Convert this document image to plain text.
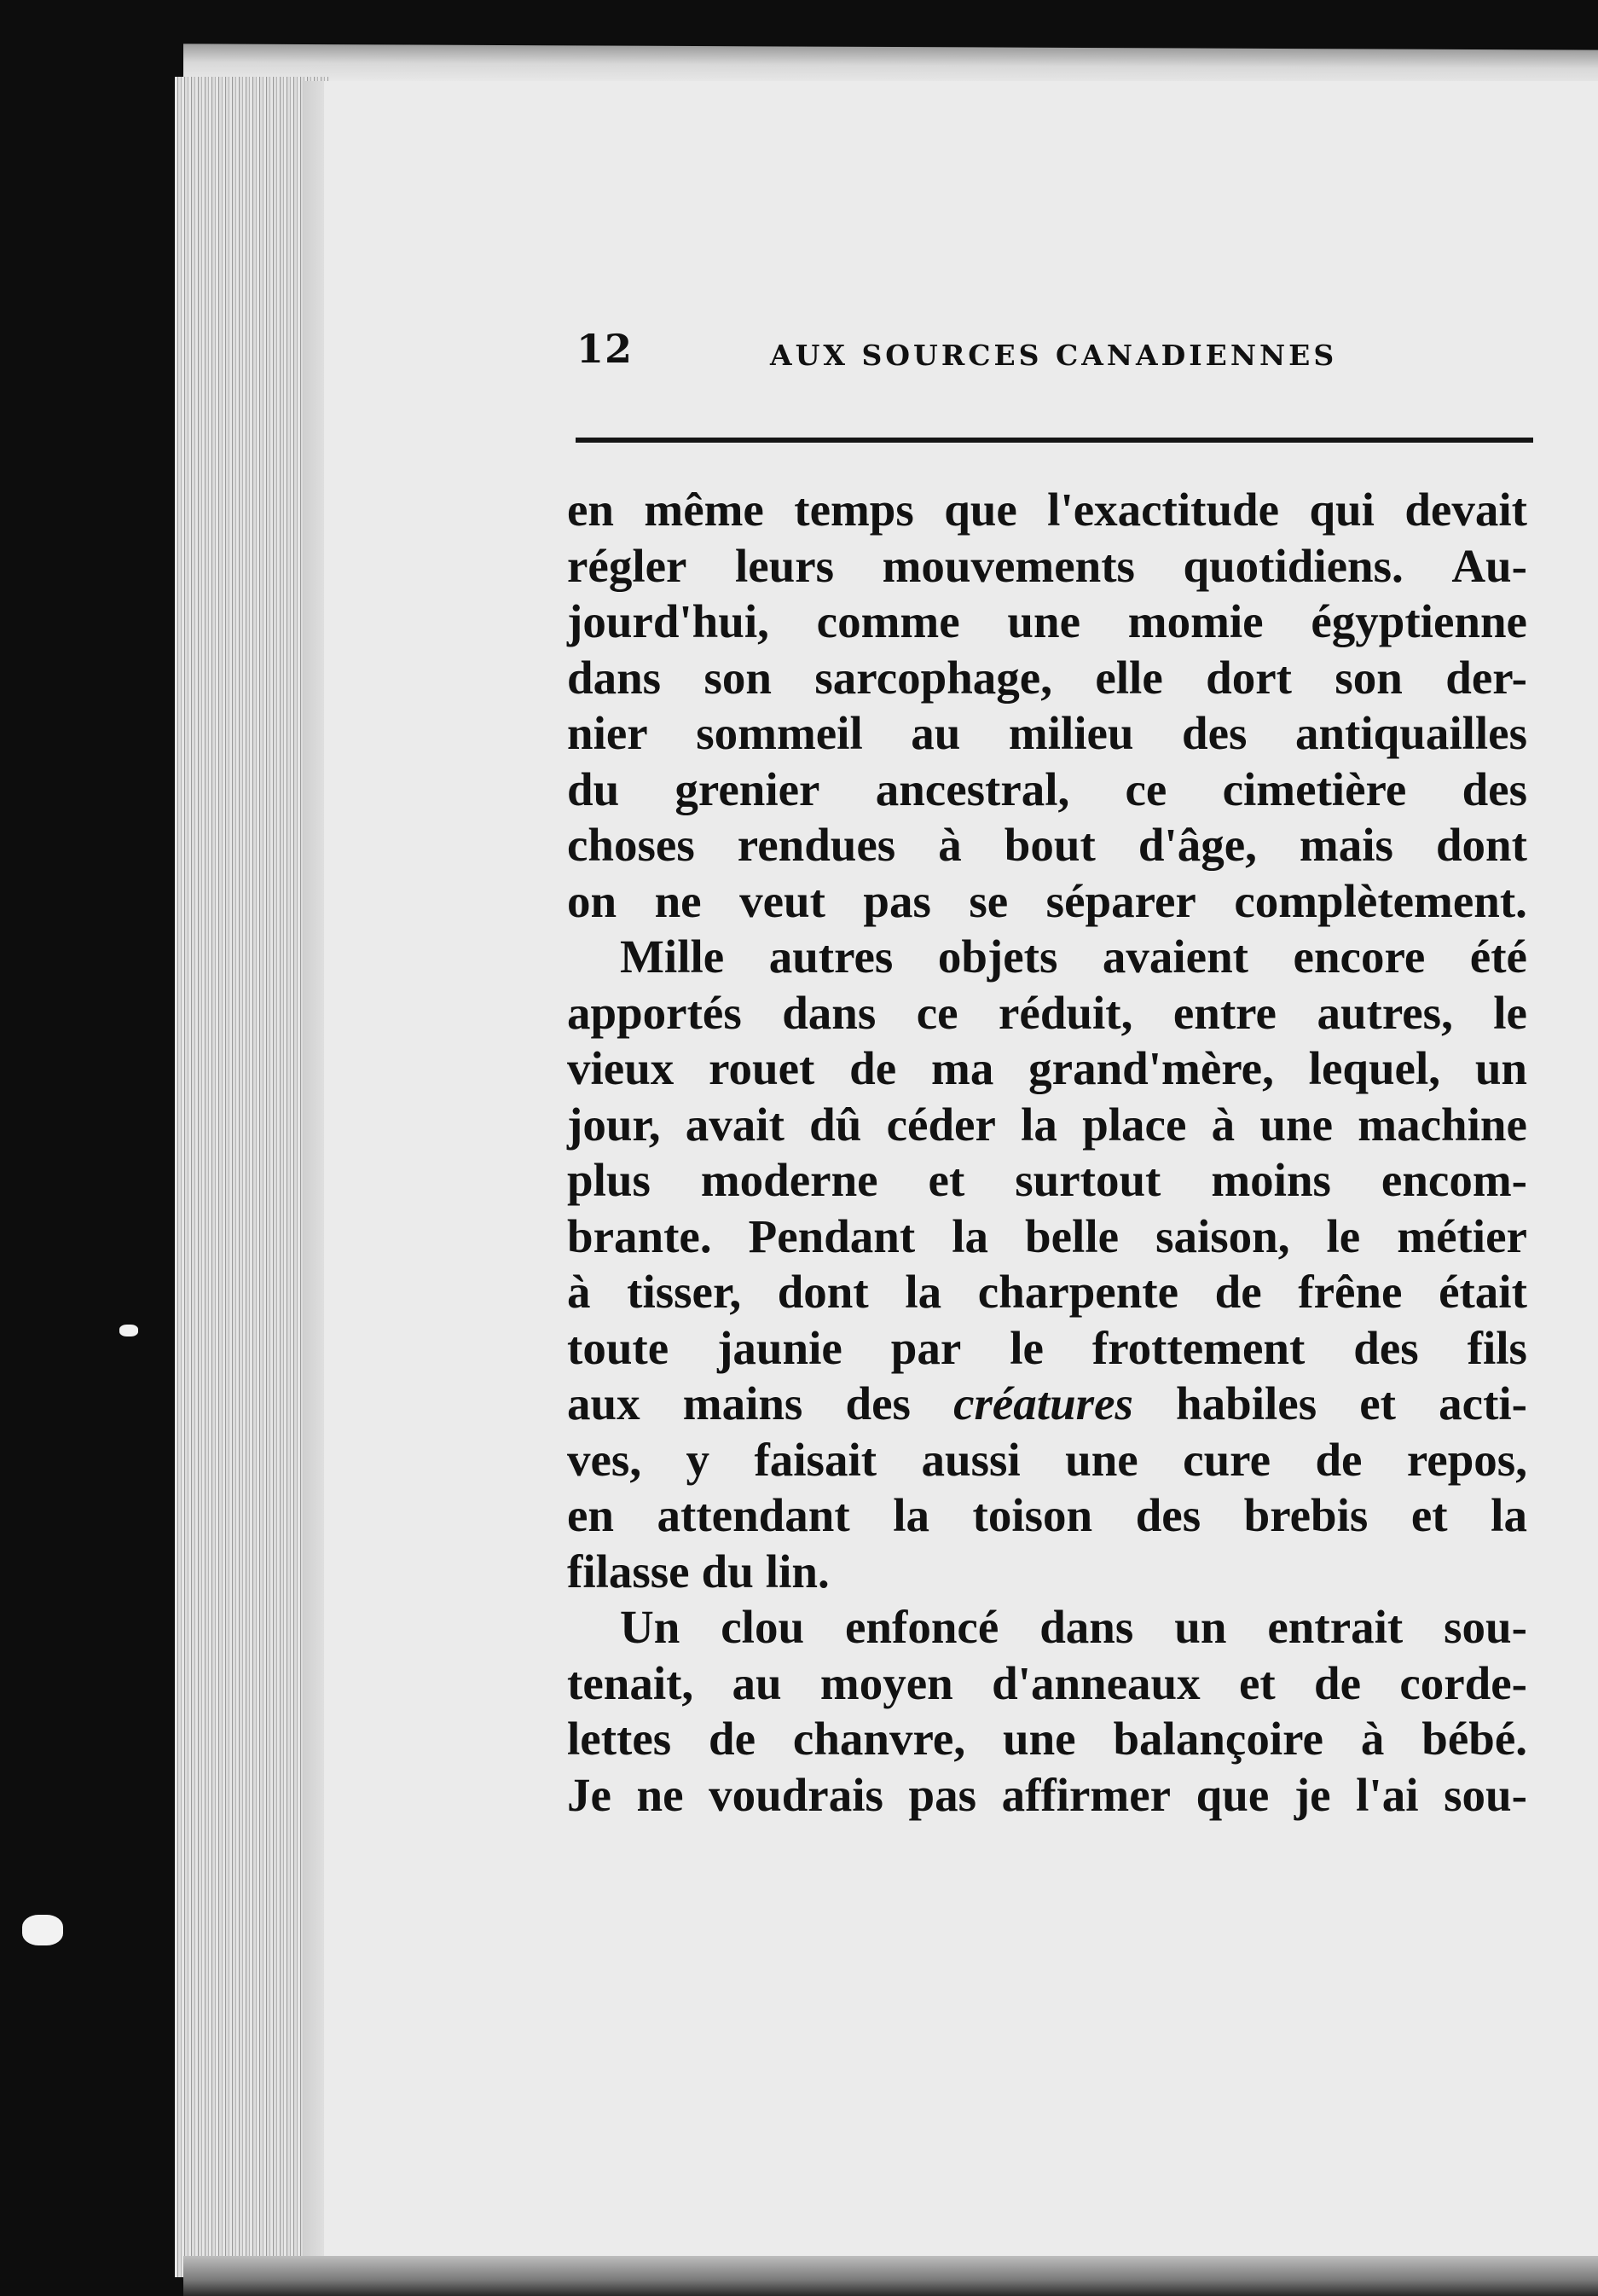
12	AUX SOURCES CANADIENNES
en même temps que l'exactitude qui devait
régler leurs mouvements quotidiens. Au-
jourd'hui, comme une momie égyptienne
dans son sarcophage, elle dort son der-
nier sommeil au milieu des antiquailles
du grenier ancestral, ce cimetière des
choses rendues à bout d'âge, mais dont
on ne veut pas se séparer complètement.
Mille autres objets avaient encore été
apportés dans ce réduit, entre autres, le
vieux rouet de ma grand'mère, lequel, un
jour, avait dû céder la place à une machine
plus moderne et surtout moins encom-
brante. Pendant la belle saison, le métier
à tisser, dont la charpente de frêne était
toute jaunie par le frottement des fils
aux mains des créatures habiles et acti-
ves, y faisait aussi une cure de repos,
en attendant la toison des brebis et la
filasse du lin.
Un clou enfoncé dans un entrait sou-
tenait, au moyen d'anneaux et de corde-
lettes de chanvre, une balançoire à bébé.
Je ne voudrais pas affirmer que je l'ai sou-
